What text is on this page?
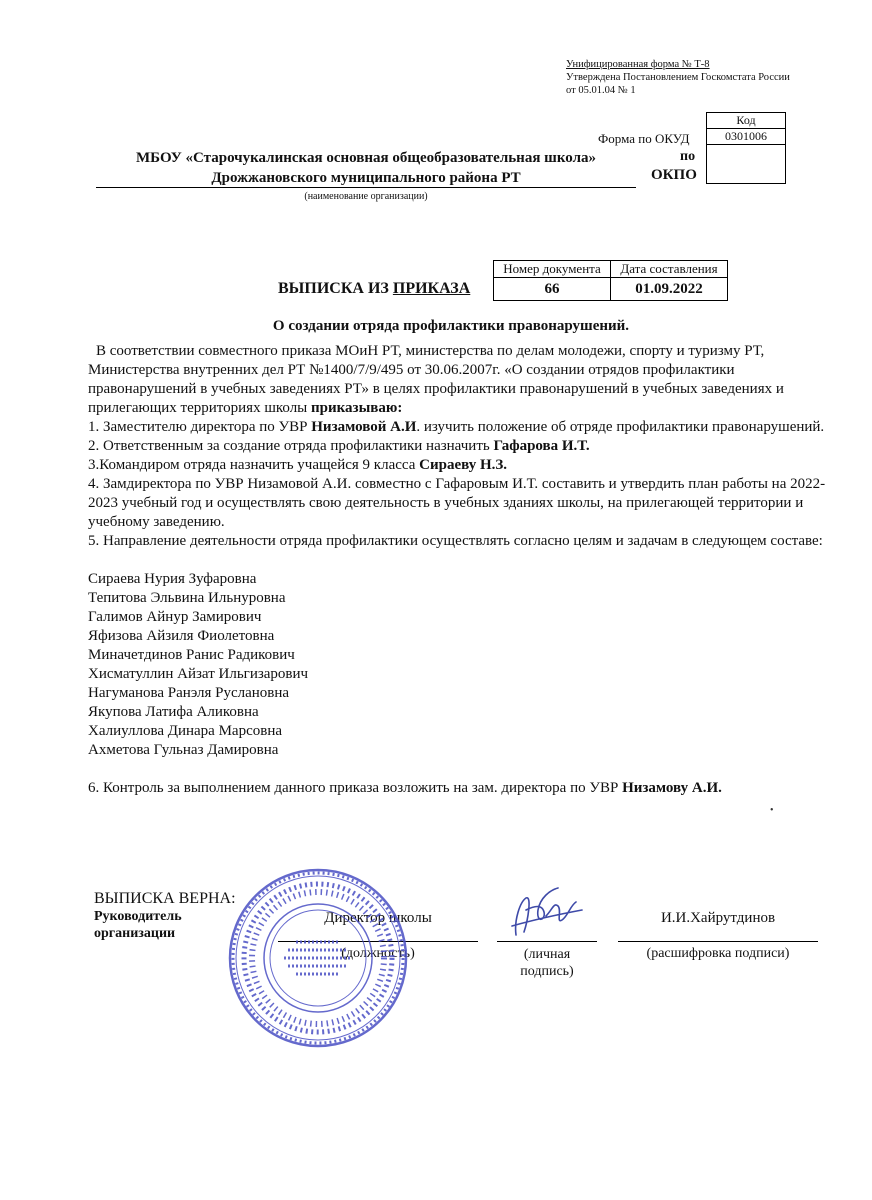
Унифицированная форма № Т-8
Утверждена Постановлением Госкомстата России
от 05.01.04 № 1
Форма по ОКУД
по
ОКПО
Код
0301006

МБОУ «Старочукалинская основная общеобразовательная школа»
Дрожжановского муниципального района РТ
(наименование организации)
Номер документа	Дата составления
66	01.09.2022
ВЫПИСКА ИЗ ПРИКАЗА
О создании отряда профилактики правонарушений.

В соответствии совместного приказа МОиН РТ, министерства по делам молодежи, спорту и туризму РТ, Министерства внутренних дел РТ №1400/7/9/495 от 30.06.2007г. «О создании отрядов профилактики правонарушений в учебных заведениях РТ» в целях профилактики правонарушений в учебных заведениях и прилегающих территориях школы приказываю:

1. Заместителю директора по УВР Низамовой А.И. изучить положение об отряде профилактики правонарушений.

2. Ответственным за создание отряда профилактики назначить Гафарова И.Т.

3.Командиром отряда назначить учащейся 9 класса Сираеву Н.З.

4. Замдиректора по УВР Низамовой А.И. совместно с Гафаровым И.Т. составить и утвердить план работы на 2022-2023 учебный год и осуществлять свою деятельность в учебных зданиях школы, на прилегающей территории и учебному заведению.

5. Направление деятельности отряда профилактики осуществлять согласно целям и задачам в следующем составе:

Сираева Нурия Зуфаровна
Тепитова Эльвина Ильнуровна
Галимов Айнур Замирович
Яфизова Айзиля Фиолетовна
Миначетдинов Ранис Радикович
Хисматуллин Айзат Ильгизарович
Нагуманова Ранэля Руслановна
Якупова Латифа Аликовна
Халиуллова Динара Марсовна
Ахметова Гульназ Дамировна

6. Контроль за выполнением данного приказа возложить на зам. директора по УВР Низамову А.И.

ВЫПИСКА ВЕРНА:
Руководитель
организации
Директор школы
(должность)	(личная
подпись)
И.И.Хайрутдинов
(расшифровка подписи)
•
